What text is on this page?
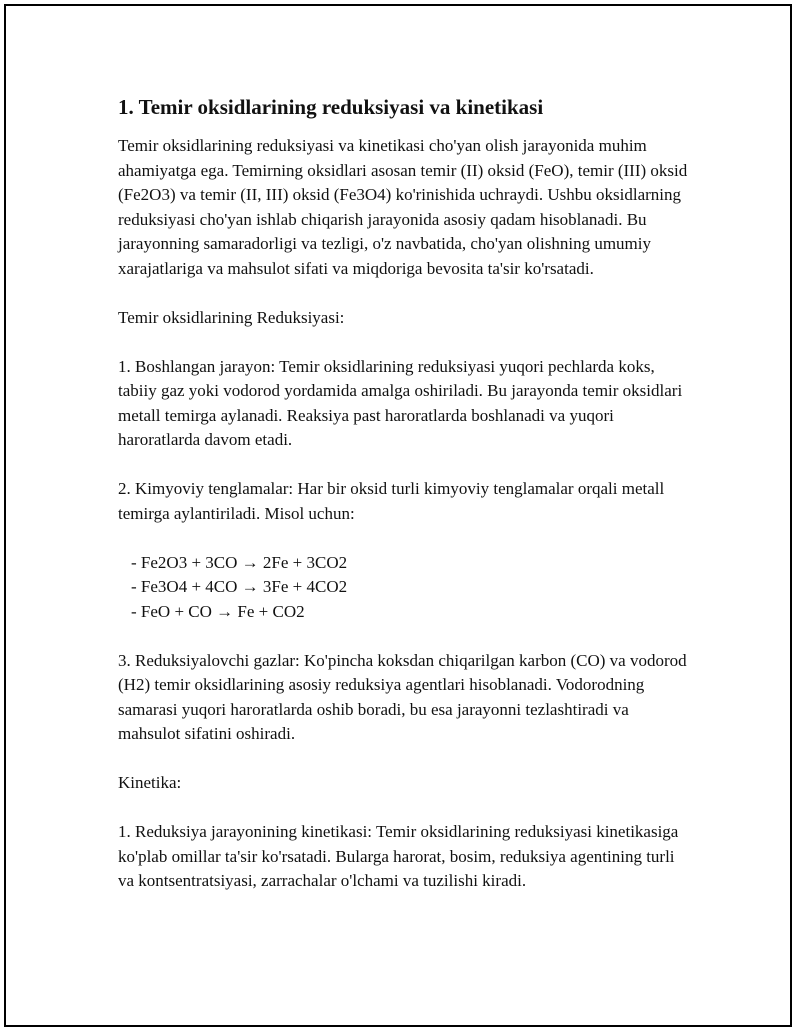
1. Temir oksidlarining reduksiyasi va kinetikasi

Temir oksidlarining reduksiyasi va kinetikasi cho'yan olish jarayonida muhim ahamiyatga ega. Temirning oksidlari asosan temir (II) oksid (FeO), temir (III) oksid (Fe2O3) va temir (II, III) oksid (Fe3O4) ko'rinishida uchraydi. Ushbu oksidlarning reduksiyasi cho'yan ishlab chiqarish jarayonida asosiy qadam hisoblanadi. Bu jarayonning samaradorligi va tezligi, o'z navbatida, cho'yan olishning umumiy xarajatlariga va mahsulot sifati va miqdoriga bevosita ta'sir ko'rsatadi.

Temir oksidlarining Reduksiyasi:

1. Boshlangan jarayon: Temir oksidlarining reduksiyasi yuqori pechlarda koks, tabiiy gaz yoki vodorod yordamida amalga oshiriladi. Bu jarayonda temir oksidlari metall temirga aylanadi. Reaksiya past haroratlarda boshlanadi va yuqori haroratlarda davom etadi.

2. Kimyoviy tenglamalar: Har bir oksid turli kimyoviy tenglamalar orqali metall temirga aylantiriladi. Misol uchun:

- Fe2O3 + 3CO → 2Fe + 3CO2
- Fe3O4 + 4CO → 3Fe + 4CO2
- FeO + CO → Fe + CO2

3. Reduksiyalovchi gazlar: Ko'pincha koksdan chiqarilgan karbon (CO) va vodorod (H2) temir oksidlarining asosiy reduksiya agentlari hisoblanadi. Vodorodning samarasi yuqori haroratlarda oshib boradi, bu esa jarayonni tezlashtiradi va mahsulot sifatini oshiradi.

Kinetika:

1. Reduksiya jarayonining kinetikasi: Temir oksidlarining reduksiyasi kinetikasiga ko'plab omillar ta'sir ko'rsatadi. Bularga harorat, bosim, reduksiya agentining turli va kontsentratsiyasi, zarrachalar o'lchami va tuzilishi kiradi.
